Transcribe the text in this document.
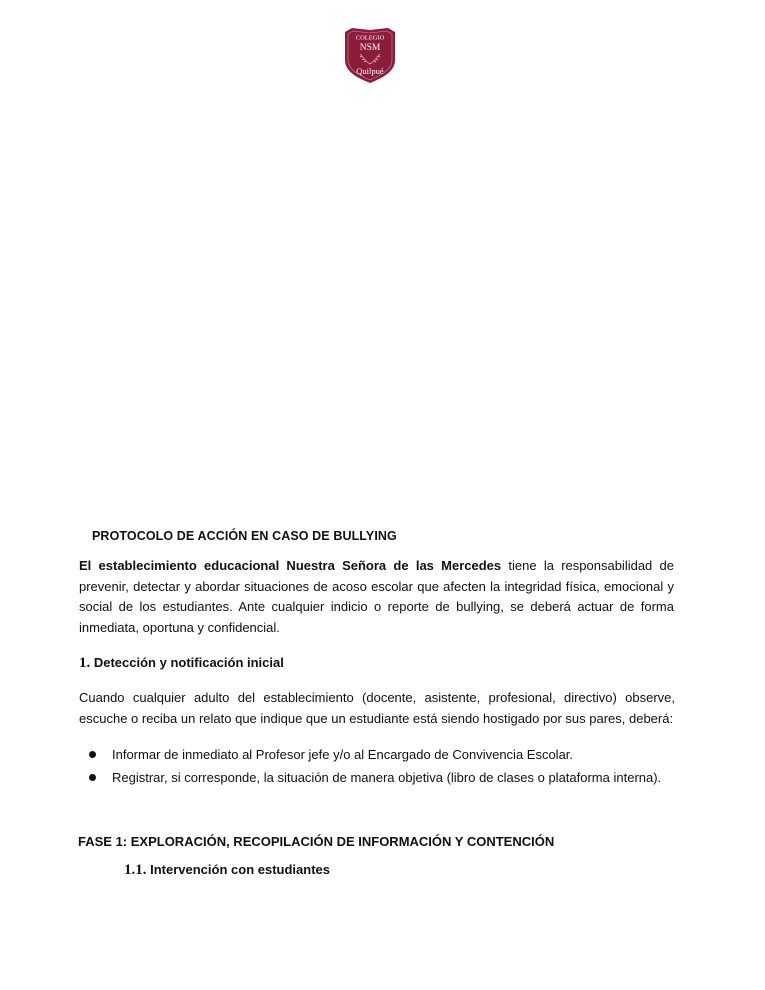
COLEGIO
NSM
Quilpué
PROTOCOLO DE ACCIÓN EN CASO DE BULLYING

El establecimiento educacional Nuestra Señora de las Mercedes tiene la responsabilidad de prevenir, detectar y abordar situaciones de acoso escolar que afecten la integridad física, emocional y social de los estudiantes. Ante cualquier indicio o reporte de bullying, se deberá actuar de forma inmediata, oportuna y confidencial.

1. Detección y notificación inicial

Cuando cualquier adulto del establecimiento (docente, asistente, profesional, directivo) observe, escuche o reciba un relato que indique que un estudiante está siendo hostigado por sus pares, deberá:

Informar de inmediato al Profesor jefe y/o al Encargado de Convivencia Escolar.
Registrar, si corresponde, la situación de manera objetiva (libro de clases o plataforma interna).
FASE 1: EXPLORACIÓN, RECOPILACIÓN DE INFORMACIÓN Y CONTENCIÓN
1.1. Intervención con estudiantes
